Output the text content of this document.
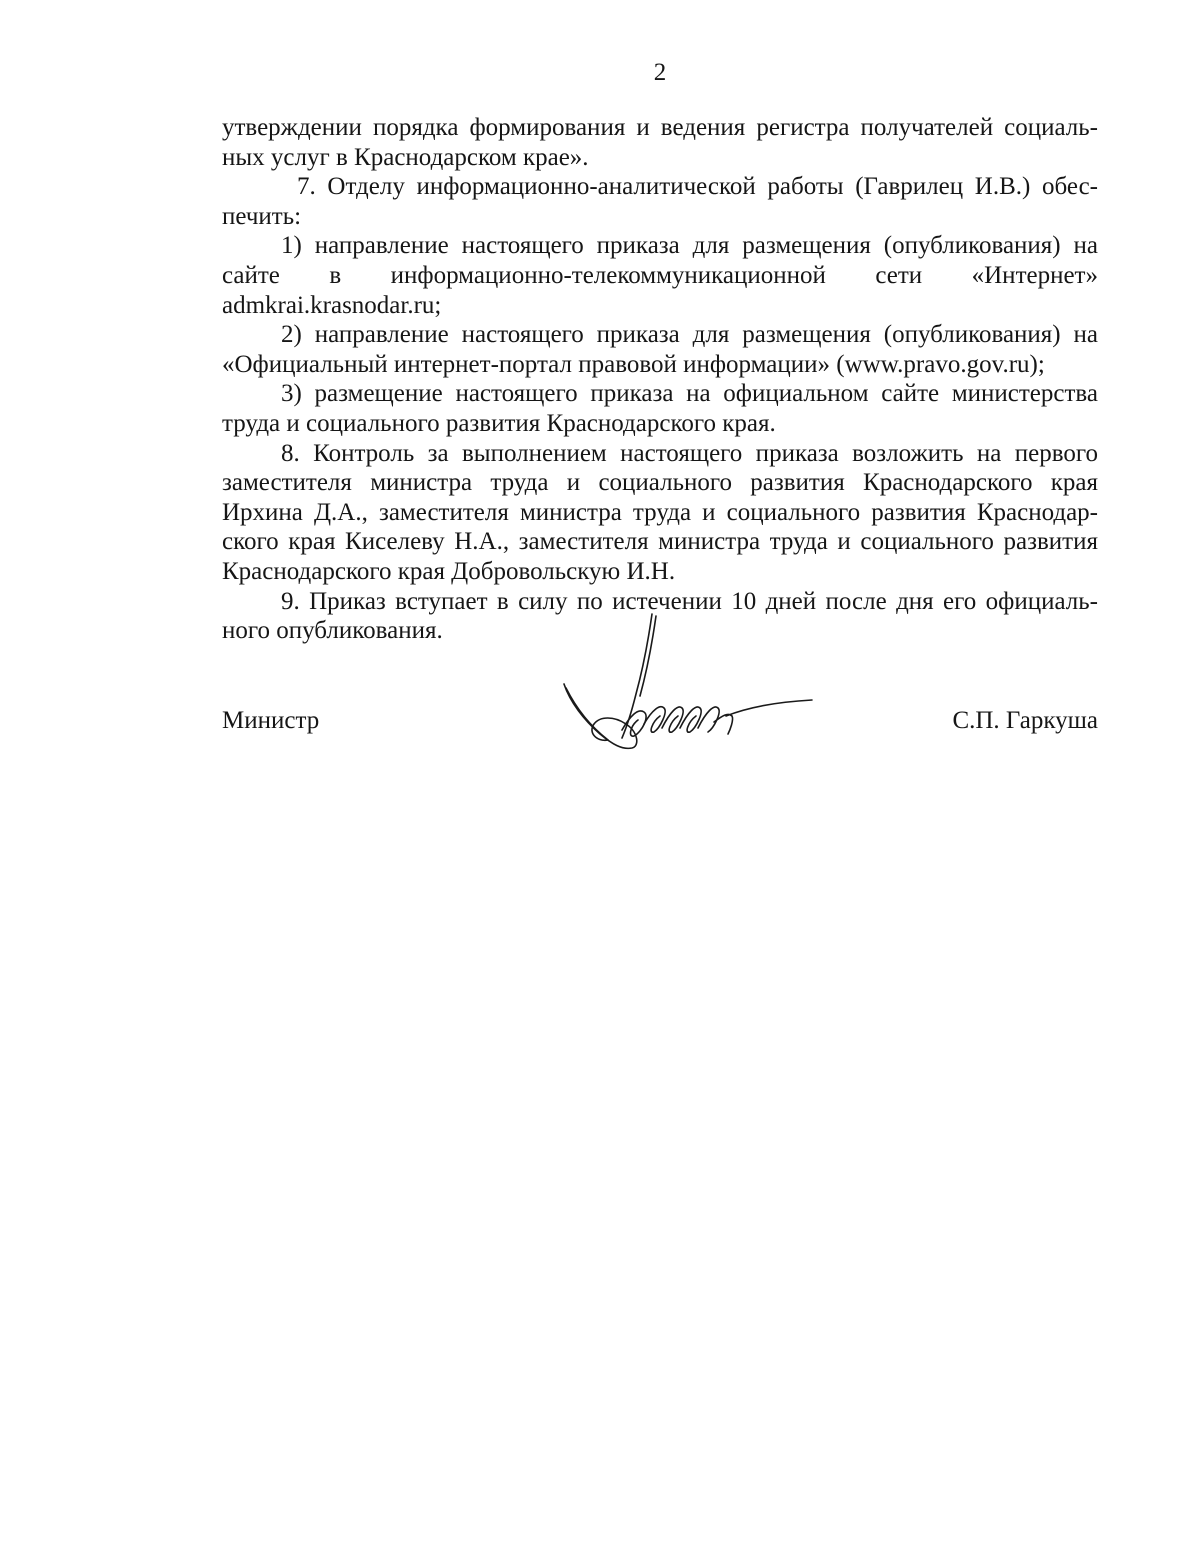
2

утверждении порядка формирования и ведения регистра получателей социаль-ных услуг в Краснодарском крае».

7. Отделу информационно-аналитической работы (Гаврилец И.В.) обес-печить:

1) направление настоящего приказа для размещения (опубликования) на

сайте в информационно-телекоммуникационной сети «Интернет»

admkrai.krasnodar.ru;

2) направление настоящего приказа для размещения (опубликования) на «Официальный интернет-портал правовой информации» (www.pravo.gov.ru);

3) размещение настоящего приказа на официальном сайте министерства труда и социального развития Краснодарского края.

8. Контроль за выполнением настоящего приказа возложить на первого заместителя министра труда и социального развития Краснодарского края Ирхина Д.А., заместителя министра труда и социального развития Краснодар-ского края Киселеву Н.А., заместителя министра труда и социального развития Краснодарского края Добровольскую И.Н.

9. Приказ вступает в силу по истечении 10 дней после дня его официаль-ного опубликования.

Министр	С.П. Гаркуша
